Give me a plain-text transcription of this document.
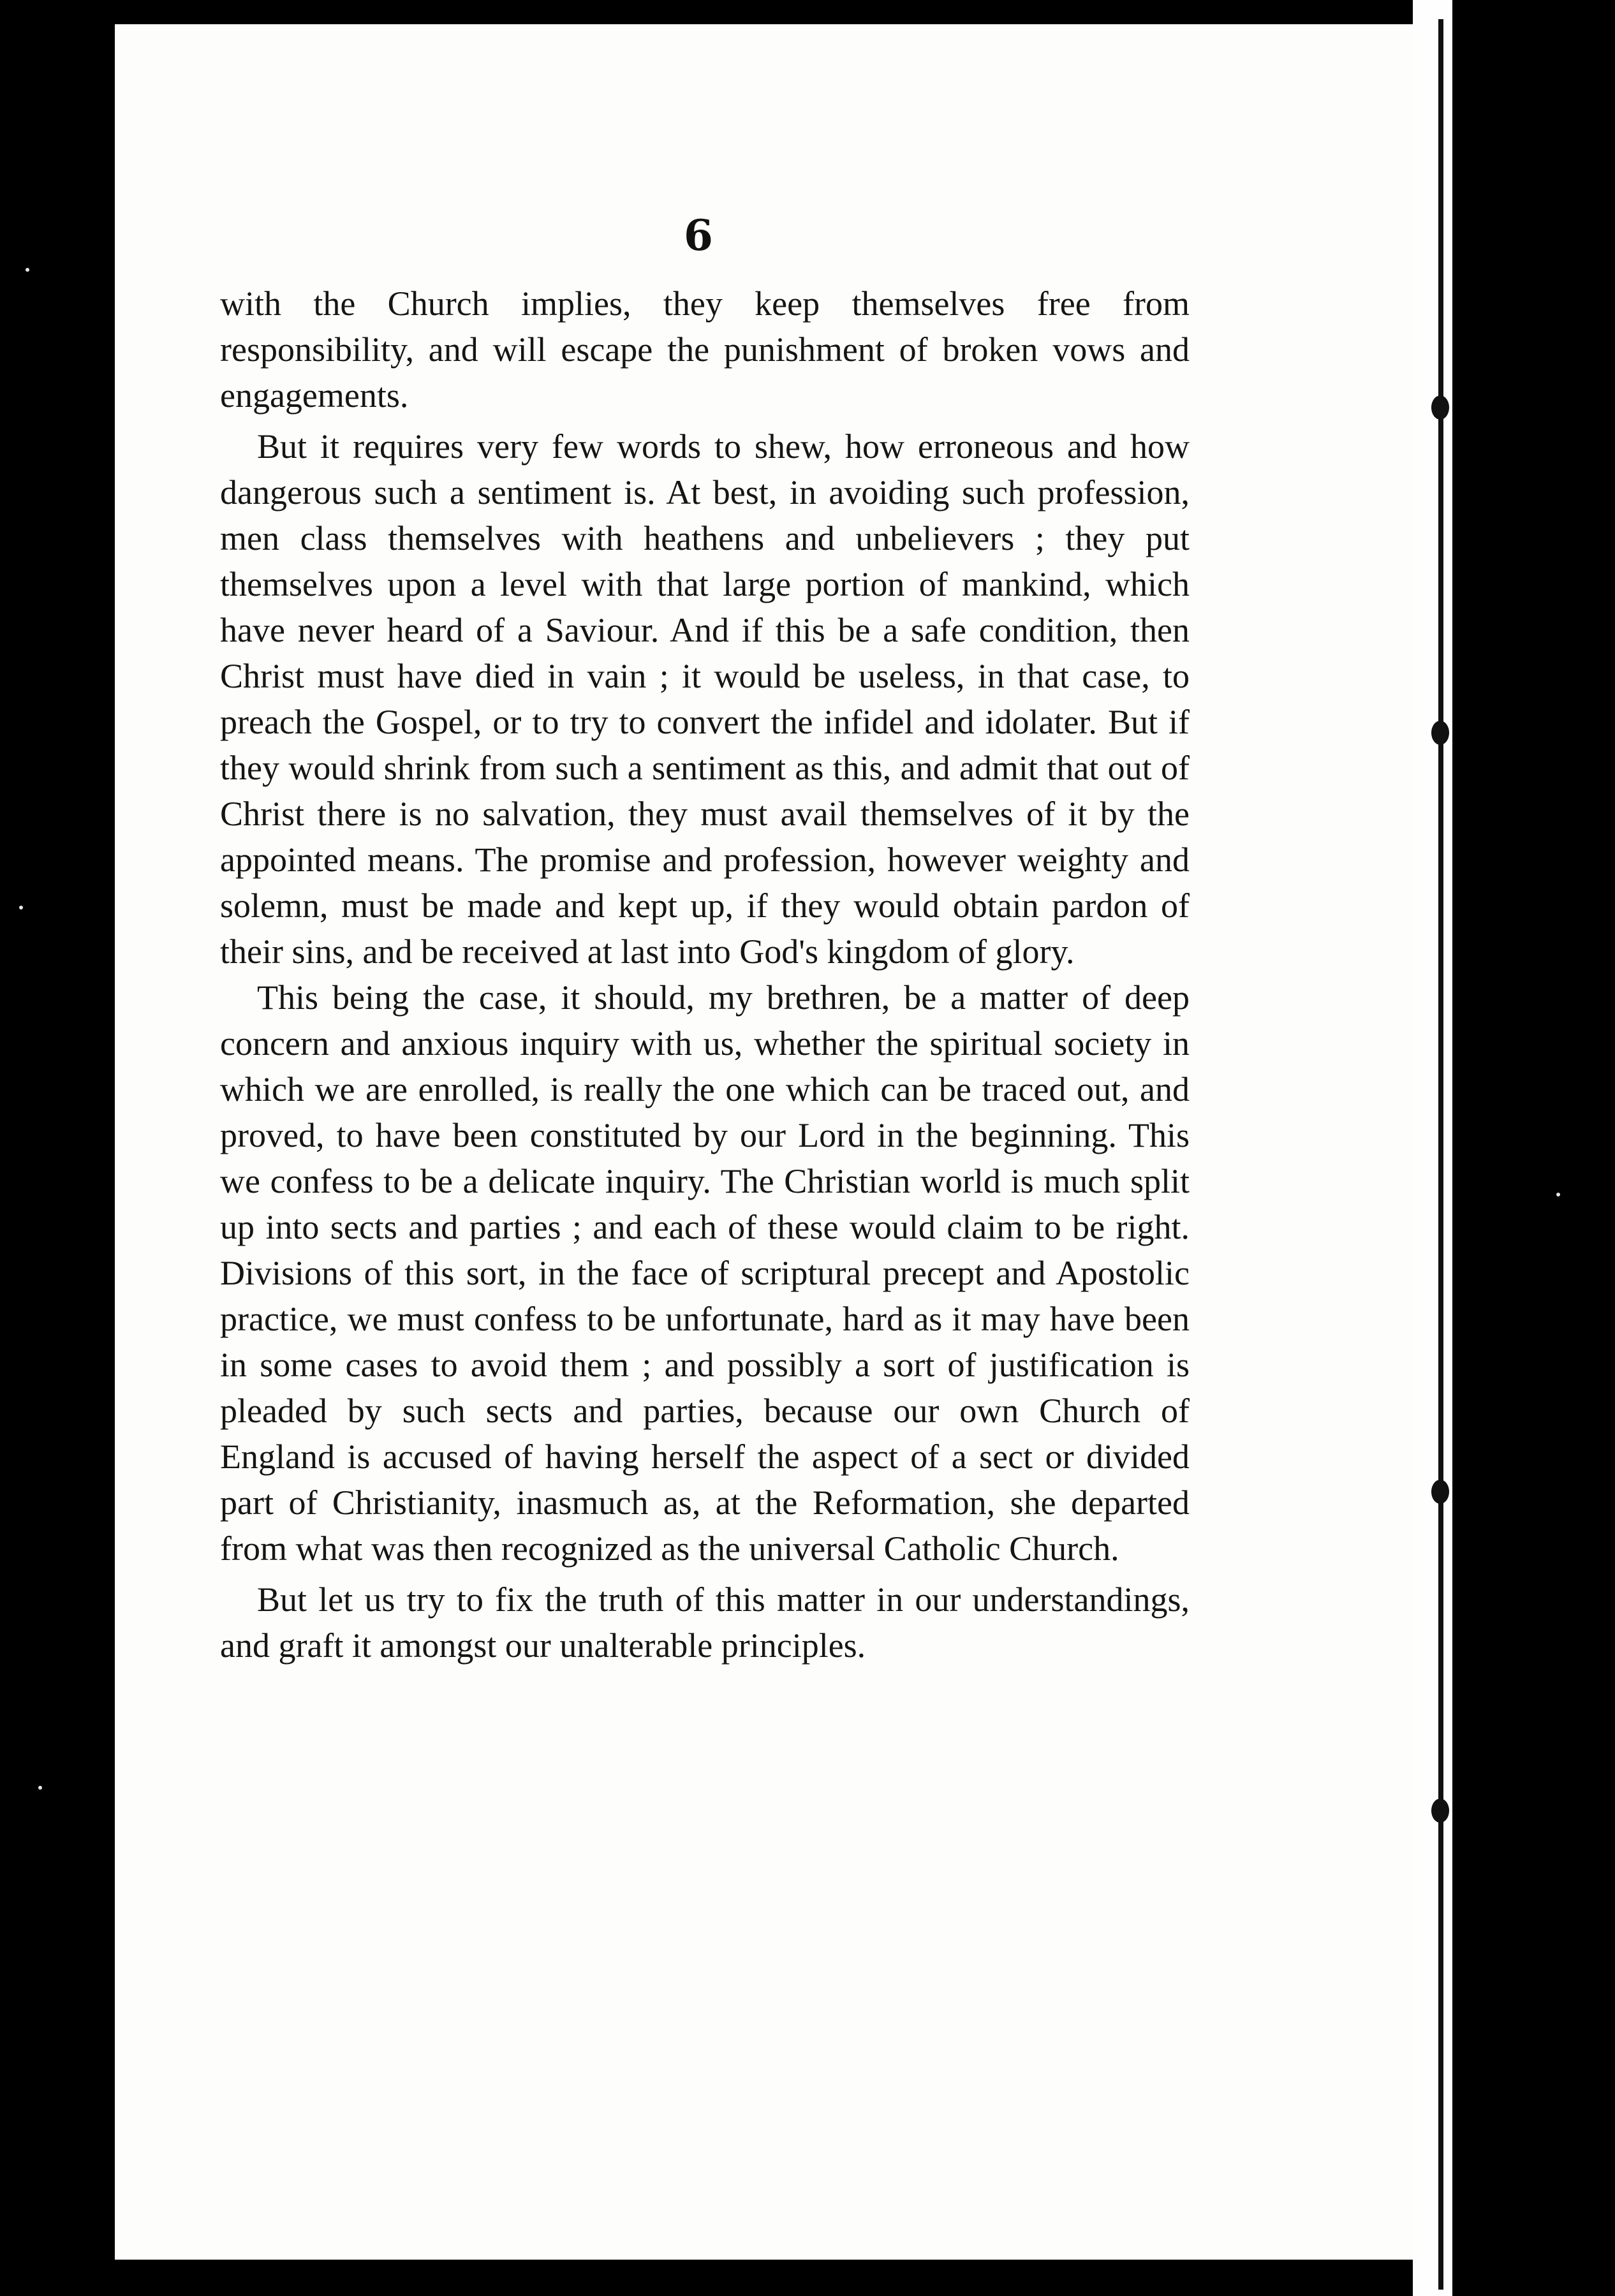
6

with the Church implies, they keep themselves free from responsibility, and will escape the punishment of broken vows and engagements.

But it requires very few words to shew, how erroneous and how dangerous such a sentiment is. At best, in avoiding such profession, men class themselves with heathens and unbelievers ; they put themselves upon a level with that large portion of mankind, which have never heard of a Saviour. And if this be a safe condition, then Christ must have died in vain ; it would be useless, in that case, to preach the Gospel, or to try to convert the infidel and idolater. But if they would shrink from such a sentiment as this, and admit that out of Christ there is no salvation, they must avail themselves of it by the appointed means. The promise and profession, however weighty and solemn, must be made and kept up, if they would obtain pardon of their sins, and be received at last into God's kingdom of glory.

This being the case, it should, my brethren, be a matter of deep concern and anxious inquiry with us, whether the spiritual society in which we are enrolled, is really the one which can be traced out, and proved, to have been constituted by our Lord in the beginning. This we confess to be a delicate inquiry. The Christian world is much split up into sects and parties ; and each of these would claim to be right. Divisions of this sort, in the face of scriptural precept and Apostolic practice, we must confess to be unfortunate, hard as it may have been in some cases to avoid them ; and possibly a sort of justification is pleaded by such sects and parties, because our own Church of England is accused of having herself the aspect of a sect or divided part of Christianity, inasmuch as, at the Reformation, she departed from what was then recognized as the universal Catholic Church.

But let us try to fix the truth of this matter in our understandings, and graft it amongst our unalterable principles.
